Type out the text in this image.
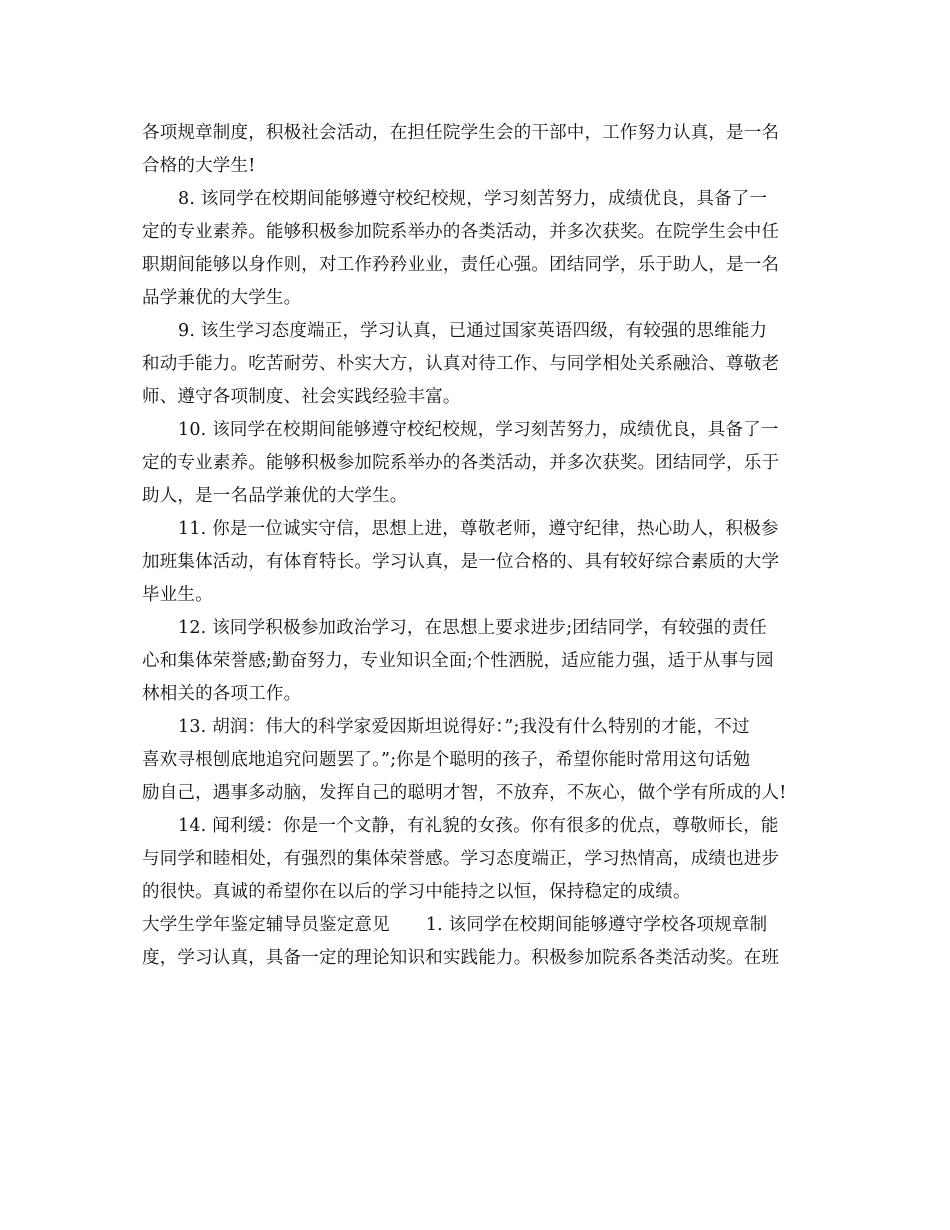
各项规章制度，积极社会活动，在担任院学生会的干部中，工作努力认真，是一名
合格的大学生!
8. 该同学在校期间能够遵守校纪校规，学习刻苦努力，成绩优良，具备了一
定的专业素养。能够积极参加院系举办的各类活动，并多次获奖。在院学生会中任
职期间能够以身作则，对工作矜矜业业，责任心强。团结同学，乐于助人，是一名
品学兼优的大学生。
9. 该生学习态度端正，学习认真，已通过国家英语四级，有较强的思维能力
和动手能力。吃苦耐劳、朴实大方，认真对待工作、与同学相处关系融洽、尊敬老
师、遵守各项制度、社会实践经验丰富。
10. 该同学在校期间能够遵守校纪校规，学习刻苦努力，成绩优良，具备了一
定的专业素养。能够积极参加院系举办的各类活动，并多次获奖。团结同学，乐于
助人，是一名品学兼优的大学生。
11. 你是一位诚实守信，思想上进，尊敬老师，遵守纪律，热心助人，积极参
加班集体活动，有体育特长。学习认真，是一位合格的、具有较好综合素质的大学
毕业生。
12. 该同学积极参加政治学习，在思想上要求进步;团结同学，有较强的责任
心和集体荣誉感;勤奋努力，专业知识全面;个性洒脱，适应能力强，适于从事与园
林相关的各项工作。
13. 胡润：伟大的科学家爱因斯坦说得好：”;我没有什么特别的才能，不过
喜欢寻根刨底地追究问题罢了。”;你是个聪明的孩子，希望你能时常用这句话勉
励自己，遇事多动脑，发挥自己的聪明才智，不放弃，不灰心，做个学有所成的人!
14. 闻利缓：你是一个文静，有礼貌的女孩。你有很多的优点，尊敬师长，能
与同学和睦相处，有强烈的集体荣誉感。学习态度端正，学习热情高，成绩也进步
的很快。真诚的希望你在以后的学习中能持之以恒，保持稳定的成绩。
大学生学年鉴定辅导员鉴定意见 1. 该同学在校期间能够遵守学校各项规章制
度，学习认真，具备一定的理论知识和实践能力。积极参加院系各类活动奖。在班
